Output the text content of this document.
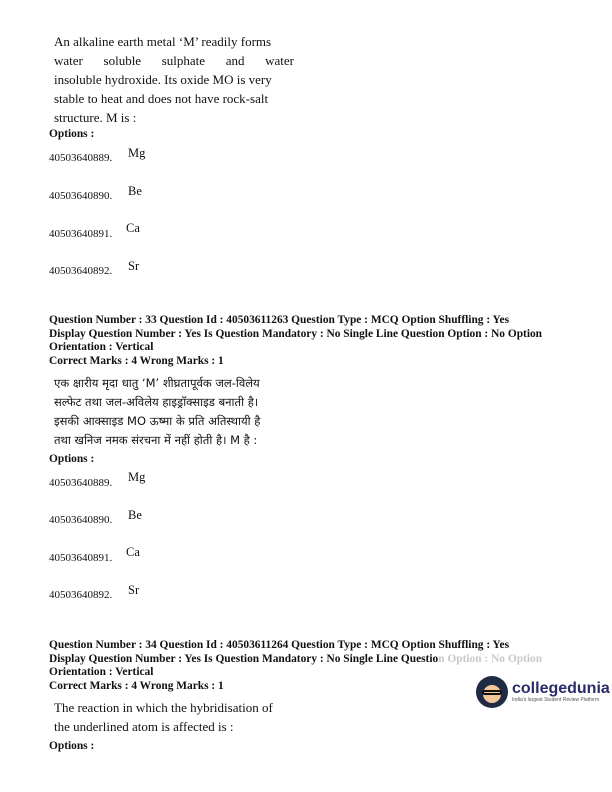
An alkaline earth metal ‘M’ readily forms
water soluble sulphate and water
insoluble hydroxide. Its oxide MO is very
stable to heat and does not have rock-salt
structure. M is :
Options :
40503640889. Mg
40503640890. Be
40503640891. Ca
40503640892. Sr
Question Number : 33 Question Id : 40503611263 Question Type : MCQ Option Shuffling : Yes
Display Question Number : Yes Is Question Mandatory : No Single Line Question Option : No Option
Orientation : Vertical
Correct Marks : 4 Wrong Marks : 1
एक क्षारीय मृदा धातु ‘M’ शीघ्रतापूर्वक जल-विलेय
सल्फेट तथा जल-अविलेय हाइड्रॉक्साइड बनाती है।
इसकी आक्साइड MO ऊष्मा के प्रति अतिस्थायी है
तथा खनिज नमक संरचना में नहीं होती है। M है :
Options :
40503640889. Mg
40503640890. Be
40503640891. Ca
40503640892. Sr
Question Number : 34 Question Id : 40503611264 Question Type : MCQ Option Shuffling : Yes
Display Question Number : Yes Is Question Mandatory : No Single Line Question Option : No Option
Orientation : Vertical
Correct Marks : 4 Wrong Marks : 1
The reaction in which the hybridisation of
the underlined atom is affected is :
Options :
collegedunia
India's largest Student Review Platform
